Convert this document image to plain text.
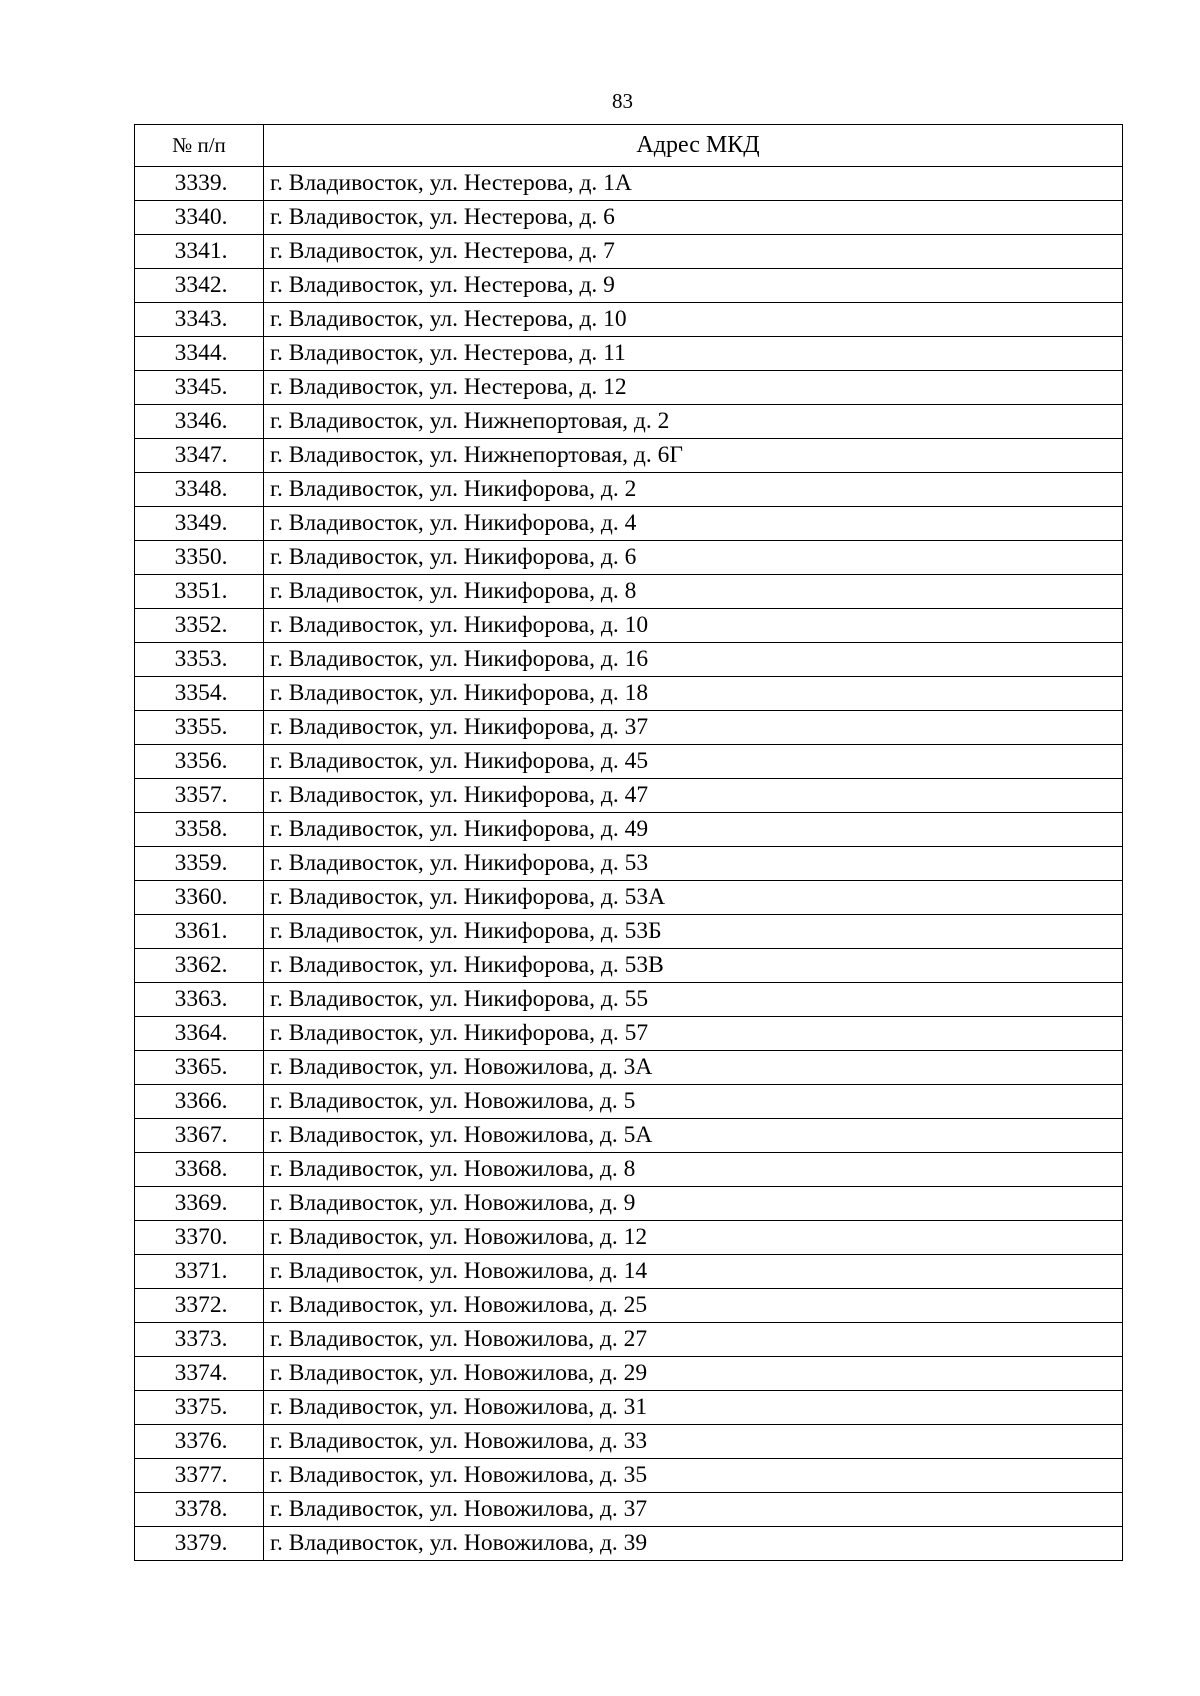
83
№ п/п	Адрес МКД
3339.	г. Владивосток, ул. Нестерова, д. 1А
3340.	г. Владивосток, ул. Нестерова, д. 6
3341.	г. Владивосток, ул. Нестерова, д. 7
3342.	г. Владивосток, ул. Нестерова, д. 9
3343.	г. Владивосток, ул. Нестерова, д. 10
3344.	г. Владивосток, ул. Нестерова, д. 11
3345.	г. Владивосток, ул. Нестерова, д. 12
3346.	г. Владивосток, ул. Нижнепортовая, д. 2
3347.	г. Владивосток, ул. Нижнепортовая, д. 6Г
3348.	г. Владивосток, ул. Никифорова, д. 2
3349.	г. Владивосток, ул. Никифорова, д. 4
3350.	г. Владивосток, ул. Никифорова, д. 6
3351.	г. Владивосток, ул. Никифорова, д. 8
3352.	г. Владивосток, ул. Никифорова, д. 10
3353.	г. Владивосток, ул. Никифорова, д. 16
3354.	г. Владивосток, ул. Никифорова, д. 18
3355.	г. Владивосток, ул. Никифорова, д. 37
3356.	г. Владивосток, ул. Никифорова, д. 45
3357.	г. Владивосток, ул. Никифорова, д. 47
3358.	г. Владивосток, ул. Никифорова, д. 49
3359.	г. Владивосток, ул. Никифорова, д. 53
3360.	г. Владивосток, ул. Никифорова, д. 53А
3361.	г. Владивосток, ул. Никифорова, д. 53Б
3362.	г. Владивосток, ул. Никифорова, д. 53В
3363.	г. Владивосток, ул. Никифорова, д. 55
3364.	г. Владивосток, ул. Никифорова, д. 57
3365.	г. Владивосток, ул. Новожилова, д. 3А
3366.	г. Владивосток, ул. Новожилова, д. 5
3367.	г. Владивосток, ул. Новожилова, д. 5А
3368.	г. Владивосток, ул. Новожилова, д. 8
3369.	г. Владивосток, ул. Новожилова, д. 9
3370.	г. Владивосток, ул. Новожилова, д. 12
3371.	г. Владивосток, ул. Новожилова, д. 14
3372.	г. Владивосток, ул. Новожилова, д. 25
3373.	г. Владивосток, ул. Новожилова, д. 27
3374.	г. Владивосток, ул. Новожилова, д. 29
3375.	г. Владивосток, ул. Новожилова, д. 31
3376.	г. Владивосток, ул. Новожилова, д. 33
3377.	г. Владивосток, ул. Новожилова, д. 35
3378.	г. Владивосток, ул. Новожилова, д. 37
3379.	г. Владивосток, ул. Новожилова, д. 39
